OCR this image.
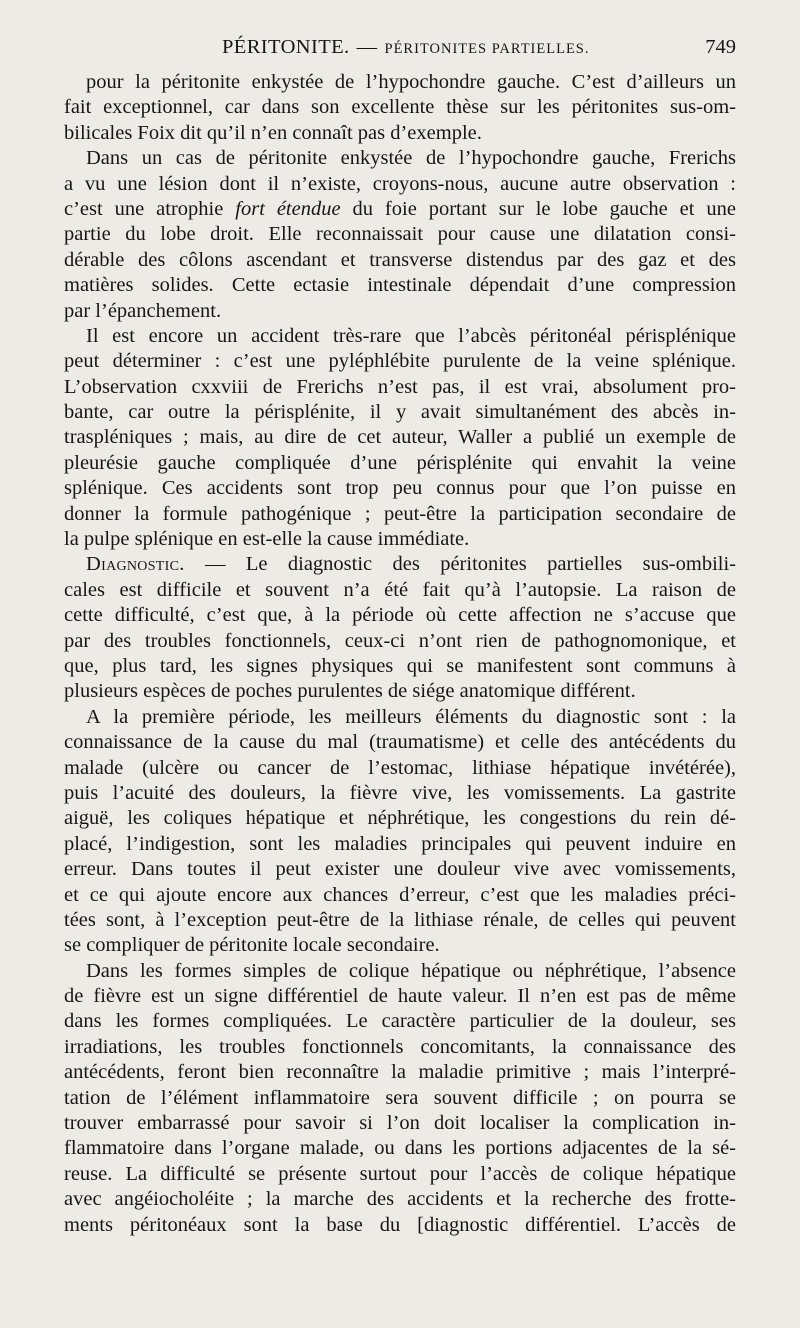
PÉRITONITE. — PÉRITONITES PARTIELLES.	749

pour la péritonite enkystée de l’hypochondre gauche. C’est d’ailleurs un
fait exceptionnel, car dans son excellente thèse sur les péritonites sus-om-
bilicales Foix dit qu’il n’en connaît pas d’exemple.

Dans un cas de péritonite enkystée de l’hypochondre gauche, Frerichs
a vu une lésion dont il n’existe, croyons-nous, aucune autre observation :
c’est une atrophie fort étendue du foie portant sur le lobe gauche et une
partie du lobe droit. Elle reconnaissait pour cause une dilatation consi-
dérable des côlons ascendant et transverse distendus par des gaz et des
matières solides. Cette ectasie intestinale dépendait d’une compression
par l’épanchement.

Il est encore un accident très-rare que l’abcès péritonéal périsplénique
peut déterminer : c’est une pyléphlébite purulente de la veine splénique.
L’observation cxxviii de Frerichs n’est pas, il est vrai, absolument pro-
bante, car outre la périsplénite, il y avait simultanément des abcès in-
traspléniques ; mais, au dire de cet auteur, Waller a publié un exemple de
pleurésie gauche compliquée d’une périsplénite qui envahit la veine
splénique. Ces accidents sont trop peu connus pour que l’on puisse en
donner la formule pathogénique ; peut-être la participation secondaire de
la pulpe splénique en est-elle la cause immédiate.

Diagnostic. — Le diagnostic des péritonites partielles sus-ombili-
cales est difficile et souvent n’a été fait qu’à l’autopsie. La raison de
cette difficulté, c’est que, à la période où cette affection ne s’accuse que
par des troubles fonctionnels, ceux-ci n’ont rien de pathognomonique, et
que, plus tard, les signes physiques qui se manifestent sont communs à
plusieurs espèces de poches purulentes de siége anatomique différent.

A la première période, les meilleurs éléments du diagnostic sont : la
connaissance de la cause du mal (traumatisme) et celle des antécédents du
malade (ulcère ou cancer de l’estomac, lithiase hépatique invétérée),
puis l’acuité des douleurs, la fièvre vive, les vomissements. La gastrite
aiguë, les coliques hépatique et néphrétique, les congestions du rein dé-
placé, l’indigestion, sont les maladies principales qui peuvent induire en
erreur. Dans toutes il peut exister une douleur vive avec vomissements,
et ce qui ajoute encore aux chances d’erreur, c’est que les maladies préci-
tées sont, à l’exception peut-être de la lithiase rénale, de celles qui peuvent
se compliquer de péritonite locale secondaire.

Dans les formes simples de colique hépatique ou néphrétique, l’absence
de fièvre est un signe différentiel de haute valeur. Il n’en est pas de même
dans les formes compliquées. Le caractère particulier de la douleur, ses
irradiations, les troubles fonctionnels concomitants, la connaissance des
antécédents, feront bien reconnaître la maladie primitive ; mais l’interpré-
tation de l’élément inflammatoire sera souvent difficile ; on pourra se
trouver embarrassé pour savoir si l’on doit localiser la complication in-
flammatoire dans l’organe malade, ou dans les portions adjacentes de la sé-
reuse. La difficulté se présente surtout pour l’accès de colique hépatique
avec angéiocholéite ; la marche des accidents et la recherche des frotte-
ments péritonéaux sont la base du [diagnostic différentiel. L’accès de
